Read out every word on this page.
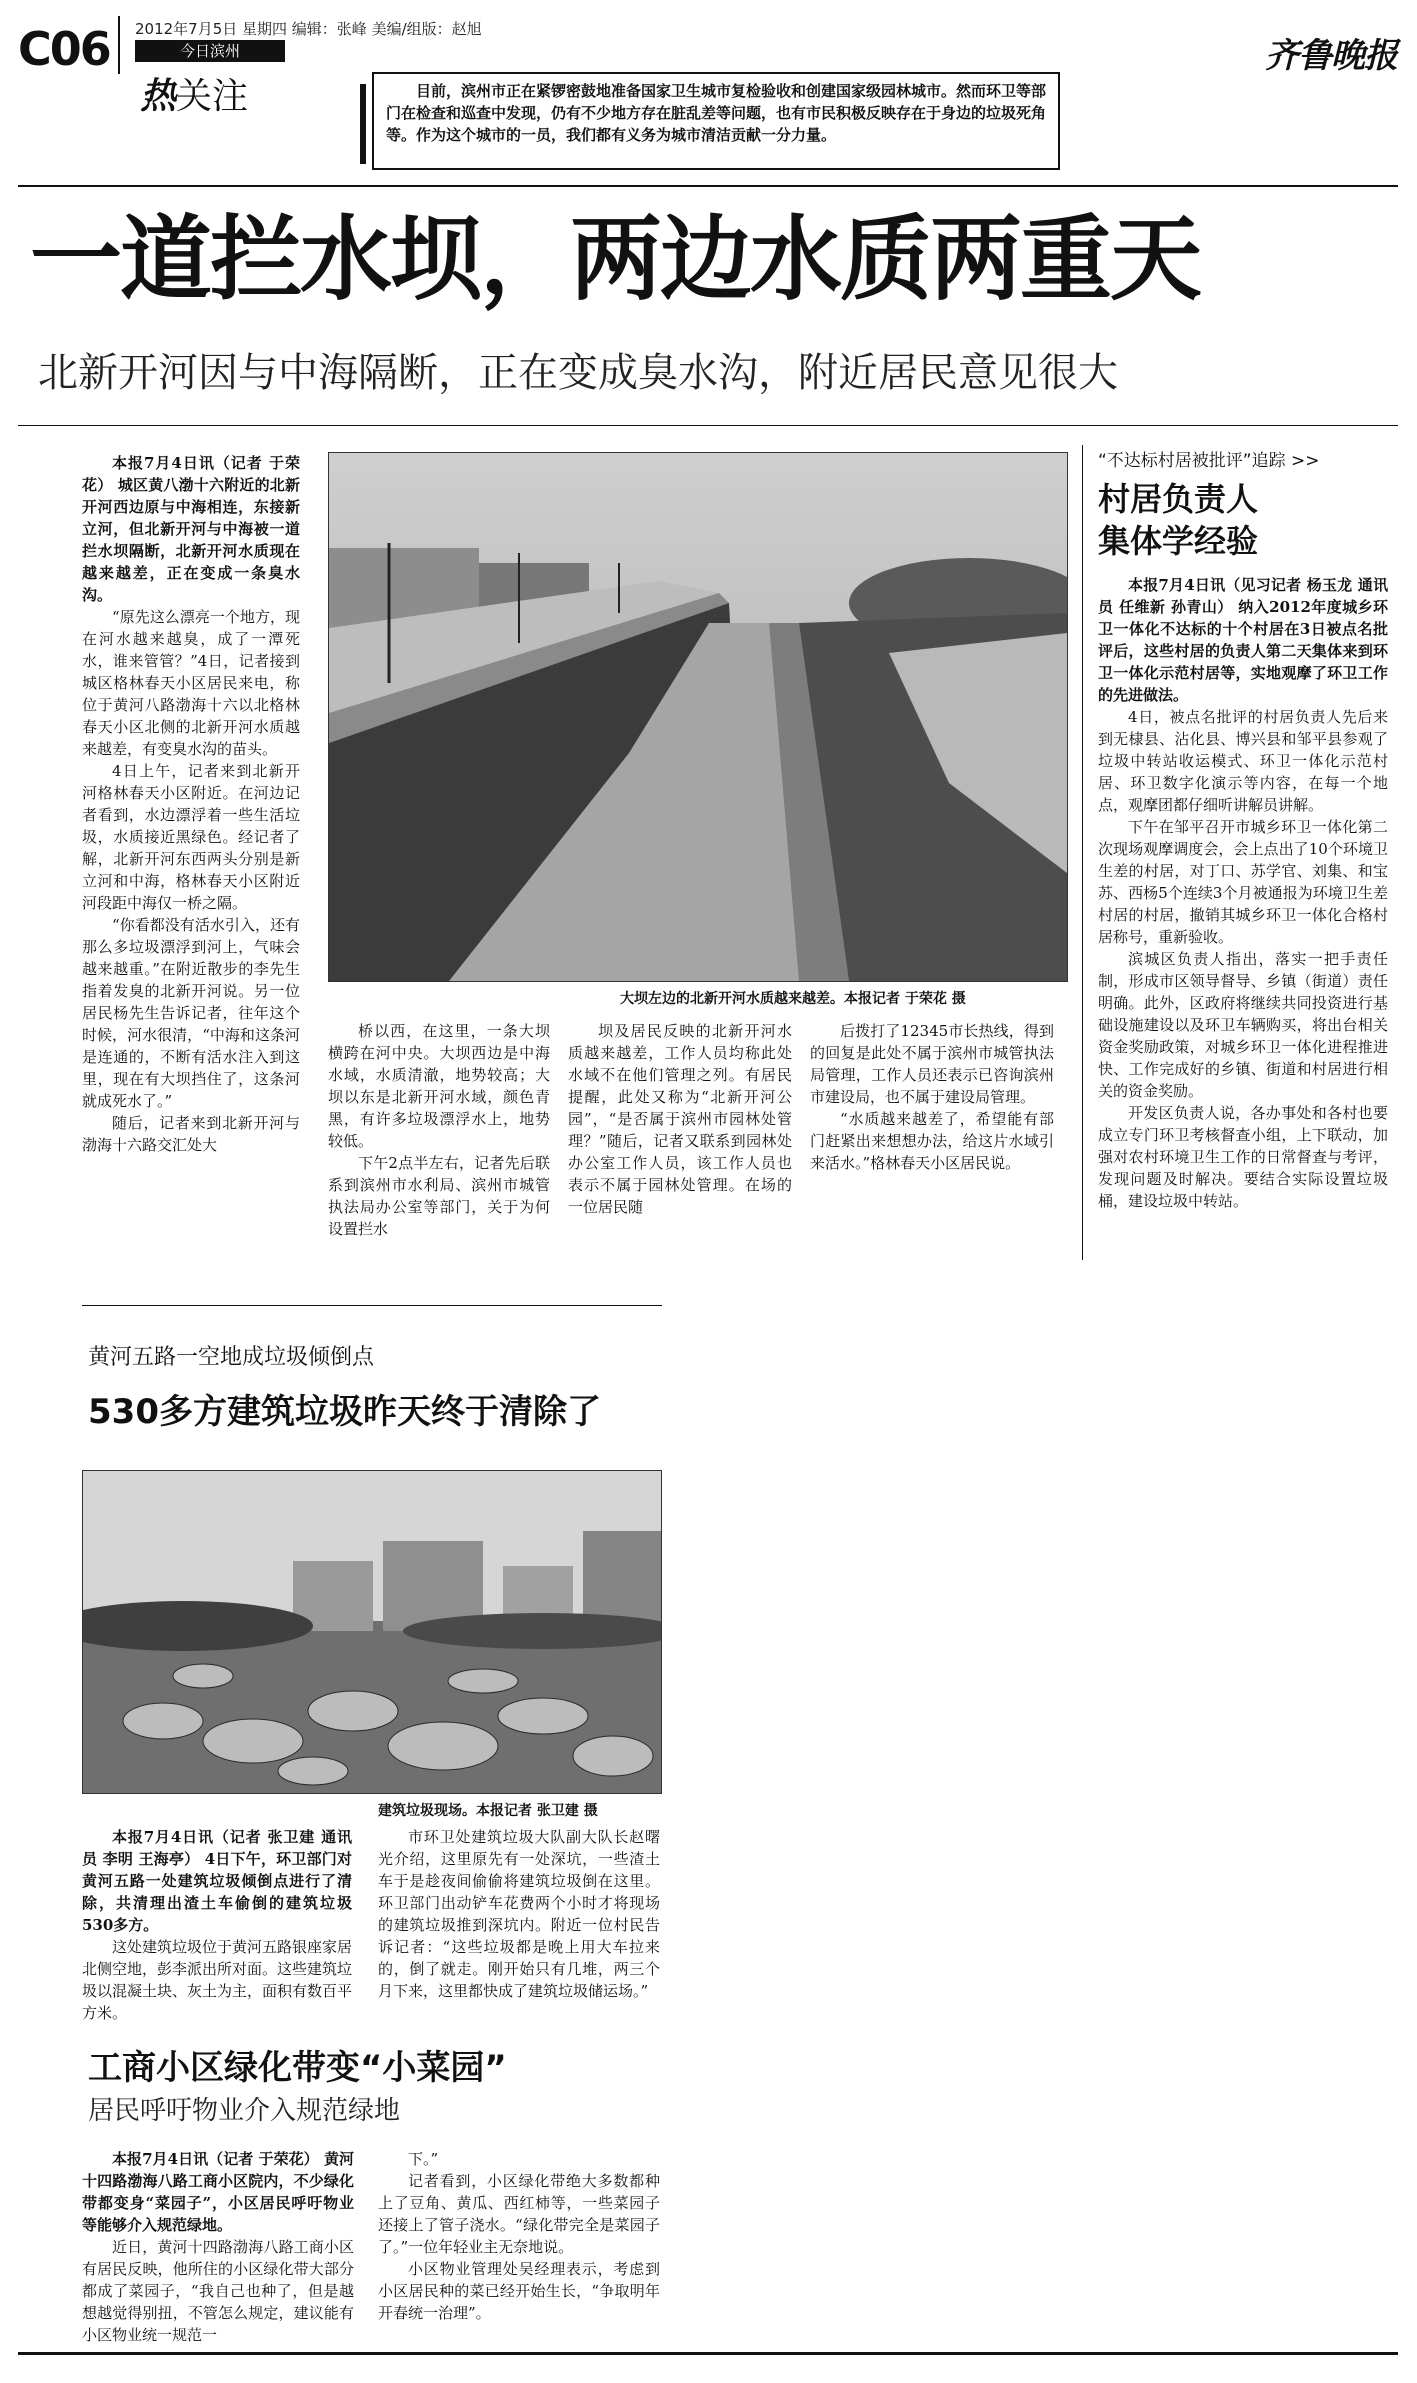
C06 2012年7月5日 星期四 编辑：张峰 美编/组版：赵旭
今日滨州
热关注
齐鲁晚报
目前，滨州市正在紧锣密鼓地准备国家卫生城市复检验收和创建国家级园林城市。然而环卫等部门在检查和巡查中发现，仍有不少地方存在脏乱差等问题，也有市民积极反映存在于身边的垃圾死角等。作为这个城市的一员，我们都有义务为城市清洁贡献一分力量。
一道拦水坝，两边水质两重天
北新开河因与中海隔断，正在变成臭水沟，附近居民意见很大

本报7月4日讯（记者 于荣花） 城区黄八渤十六附近的北新开河西边原与中海相连，东接新立河，但北新开河与中海被一道拦水坝隔断，北新开河水质现在越来越差，正在变成一条臭水沟。

“原先这么漂亮一个地方，现在河水越来越臭，成了一潭死水，谁来管管？”4日，记者接到城区格林春天小区居民来电，称位于黄河八路渤海十六以北格林春天小区北侧的北新开河水质越来越差，有变臭水沟的苗头。

4日上午，记者来到北新开河格林春天小区附近。在河边记者看到，水边漂浮着一些生活垃圾，水质接近黑绿色。经记者了解，北新开河东西两头分别是新立河和中海，格林春天小区附近河段距中海仅一桥之隔。

“你看都没有活水引入，还有那么多垃圾漂浮到河上，气味会越来越重。”在附近散步的李先生指着发臭的北新开河说。另一位居民杨先生告诉记者，往年这个时候，河水很清，“中海和这条河是连通的，不断有活水注入到这里，现在有大坝挡住了，这条河就成死水了。”

随后，记者来到北新开河与渤海十六路交汇处大

大坝左边的北新开河水质越来越差。本报记者 于荣花 摄

桥以西，在这里，一条大坝横跨在河中央。大坝西边是中海水域，水质清澈，地势较高；大坝以东是北新开河水域，颜色青黑，有许多垃圾漂浮水上，地势较低。

下午2点半左右，记者先后联系到滨州市水利局、滨州市城管执法局办公室等部门，关于为何设置拦水

坝及居民反映的北新开河水质越来越差，工作人员均称此处水域不在他们管理之列。有居民提醒，此处又称为“北新开河公园”，“是否属于滨州市园林处管理？”随后，记者又联系到园林处办公室工作人员，该工作人员也表示不属于园林处管理。在场的一位居民随

后拨打了12345市长热线，得到的回复是此处不属于滨州市城管执法局管理，工作人员还表示已咨询滨州市建设局，也不属于建设局管理。

“水质越来越差了，希望能有部门赶紧出来想想办法，给这片水域引来活水。”格林春天小区居民说。

“不达标村居被批评”追踪 >>
村居负责人
集体学经验

本报7月4日讯（见习记者 杨玉龙 通讯员 任维新 孙青山） 纳入2012年度城乡环卫一体化不达标的十个村居在3日被点名批评后，这些村居的负责人第二天集体来到环卫一体化示范村居等，实地观摩了环卫工作的先进做法。

4日，被点名批评的村居负责人先后来到无棣县、沾化县、博兴县和邹平县参观了垃圾中转站收运模式、环卫一体化示范村居、环卫数字化演示等内容，在每一个地点，观摩团都仔细听讲解员讲解。

下午在邹平召开市城乡环卫一体化第二次现场观摩调度会，会上点出了10个环境卫生差的村居，对丁口、苏学官、刘集、和宝苏、西杨5个连续3个月被通报为环境卫生差村居的村居，撤销其城乡环卫一体化合格村居称号，重新验收。

滨城区负责人指出，落实一把手责任制，形成市区领导督导、乡镇（街道）责任明确。此外，区政府将继续共同投资进行基础设施建设以及环卫车辆购买，将出台相关资金奖励政策，对城乡环卫一体化进程推进快、工作完成好的乡镇、街道和村居进行相关的资金奖励。

开发区负责人说，各办事处和各村也要成立专门环卫考核督查小组，上下联动，加强对农村环境卫生工作的日常督查与考评，发现问题及时解决。要结合实际设置垃圾桶，建设垃圾中转站。

黄河五路一空地成垃圾倾倒点
530多方建筑垃圾昨天终于清除了
建筑垃圾现场。本报记者 张卫建 摄

本报7月4日讯（记者 张卫建 通讯员 李明 王海亭） 4日下午，环卫部门对黄河五路一处建筑垃圾倾倒点进行了清除，共清理出渣土车偷倒的建筑垃圾530多方。

这处建筑垃圾位于黄河五路银座家居北侧空地，彭李派出所对面。这些建筑垃圾以混凝土块、灰土为主，面积有数百平方米。

市环卫处建筑垃圾大队副大队长赵曙光介绍，这里原先有一处深坑，一些渣土车于是趁夜间偷偷将建筑垃圾倒在这里。环卫部门出动铲车花费两个小时才将现场的建筑垃圾推到深坑内。附近一位村民告诉记者：“这些垃圾都是晚上用大车拉来的，倒了就走。刚开始只有几堆，两三个月下来，这里都快成了建筑垃圾储运场。”

工商小区绿化带变“小菜园”
居民呼吁物业介入规范绿地

本报7月4日讯（记者 于荣花） 黄河十四路渤海八路工商小区院内，不少绿化带都变身“菜园子”，小区居民呼吁物业等能够介入规范绿地。

近日，黄河十四路渤海八路工商小区有居民反映，他所住的小区绿化带大部分都成了菜园子，“我自己也种了，但是越想越觉得别扭，不管怎么规定，建议能有小区物业统一规范一

下。”

记者看到，小区绿化带绝大多数都种上了豆角、黄瓜、西红柿等，一些菜园子还接上了管子浇水。“绿化带完全是菜园子了。”一位年轻业主无奈地说。

小区物业管理处吴经理表示，考虑到小区居民种的菜已经开始生长，“争取明年开春统一治理”。
